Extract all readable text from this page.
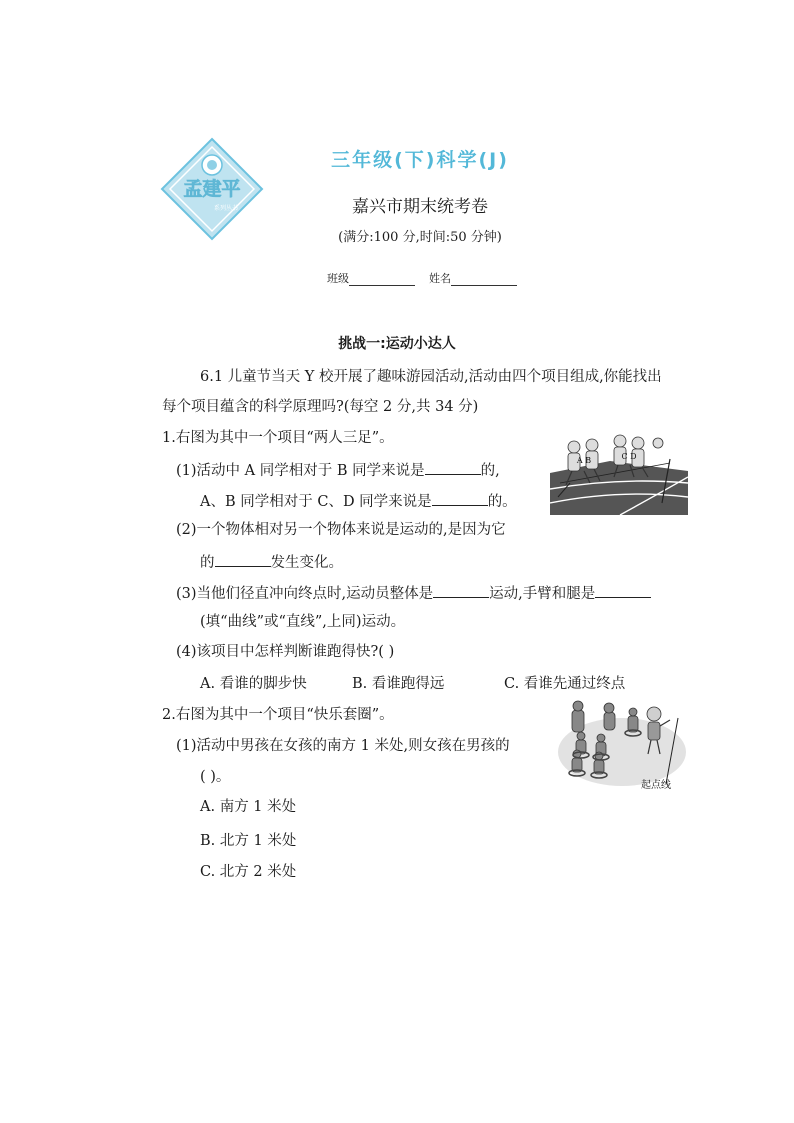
孟建平
系列丛书
三年级(下)科学(J)
嘉兴市期末统考卷
(满分:100 分,时间:50 分钟)
班级	姓名
挑战一:运动小达人
6.1 儿童节当天 Y 校开展了趣味游园活动,活动由四个项目组成,你能找出
每个项目蕴含的科学原理吗?(每空 2 分,共 34 分)
1.右图为其中一个项目“两人三足”。
(1)活动中 A 同学相对于 B 同学来说是	的,
A、B 同学相对于 C、D 同学来说是	的。
(2)一个物体相对另一个物体来说是运动的,是因为它
的	发生变化。
(3)当他们径直冲向终点时,运动员整体是	运动,手臂和腿是
(填“曲线”或“直线”,上同)运动。
(4)该项目中怎样判断谁跑得快?( )
A. 看谁的脚步快	B. 看谁跑得远	C. 看谁先通过终点
A B	C D
2.右图为其中一个项目“快乐套圈”。
(1)活动中男孩在女孩的南方 1 米处,则女孩在男孩的
( )。
A. 南方 1 米处
B. 北方 1 米处
C. 北方 2 米处
起点线
